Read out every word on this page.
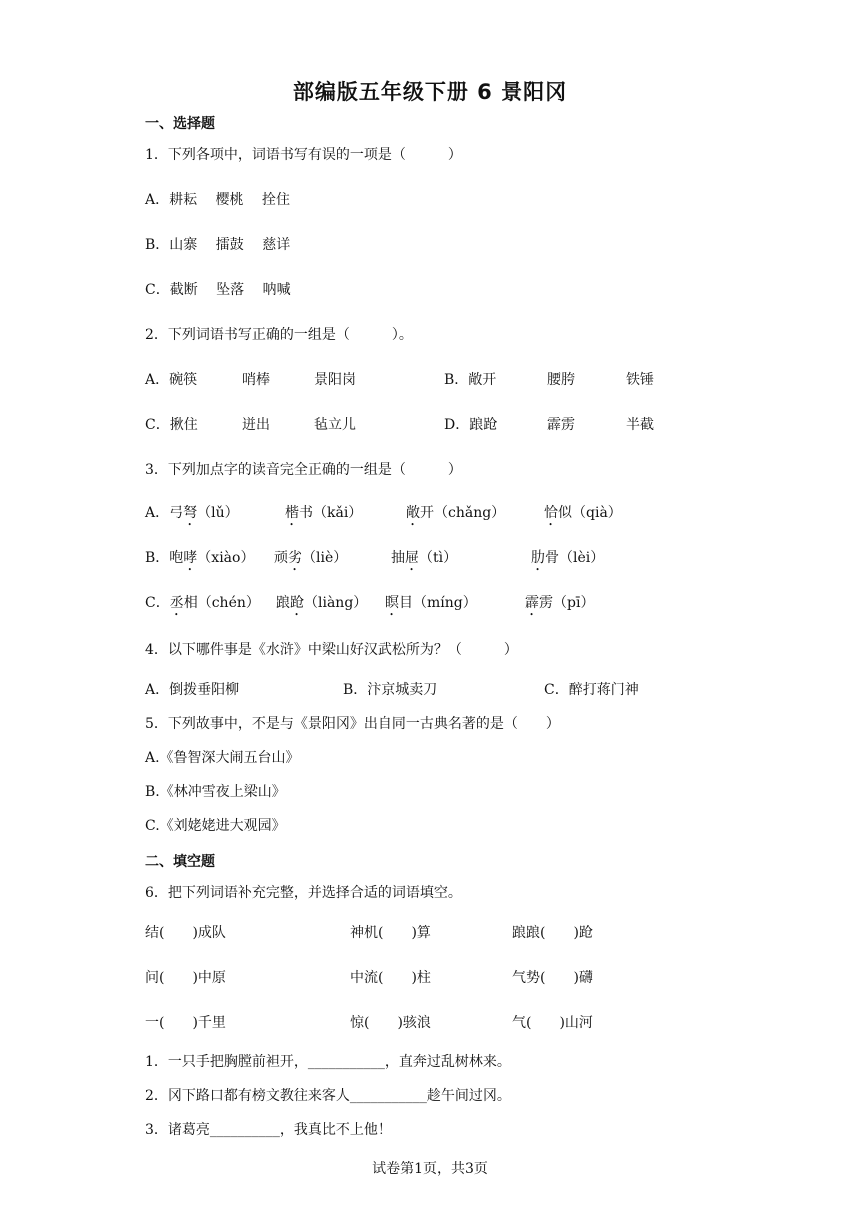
部编版五年级下册 6 景阳冈
一、选择题
1．下列各项中，词语书写有误的一项是（　　　）
A．耕耘　 樱桃　 拴住
B．山寨　 擂鼓　 慈详
C．截断　 坠落　 呐喊
2．下列词语书写正确的一组是（　　　）。
A．碗筷	哨棒	景阳岗	B．敞开	腰胯	铁锤
C．揪住	迸出	毡立儿	D．踉跄	霹雳	半截
3．下列加点字的读音完全正确的一组是（　　　）
A．弓弩（lǔ）	楷书（kǎi）	敞开（chǎng）	恰似（qià）
B．咆哮（xiào） 顽劣（liè）	抽屉（tì）	肋骨（lèi）
C．丞相（chén） 踉跄（liàng） 瞑目（míng）	霹雳（pī）
4．以下哪件事是《水浒》中梁山好汉武松所为？（　　　）
A．倒拨垂阳柳	B．汴京城卖刀	C．醉打蒋门神
5．下列故事中，不是与《景阳冈》出自同一古典名著的是（　　）
A.《鲁智深大闹五台山》
B.《林冲雪夜上梁山》
C.《刘姥姥进大观园》
二、填空题
6．把下列词语补充完整，并选择合适的词语填空。
结(　　)成队	神机(　　)算	踉踉(　　)跄
问(　　)中原	中流(　　)柱	气势(　　)礴
一(　　)千里	惊(　　)骇浪	气(　　)山河
1．一只手把胸膛前袒开，___________，直奔过乱树林来。
2．冈下路口都有榜文教往来客人___________趁午间过冈。
3．诸葛亮__________，我真比不上他！
试卷第1页，共3页
